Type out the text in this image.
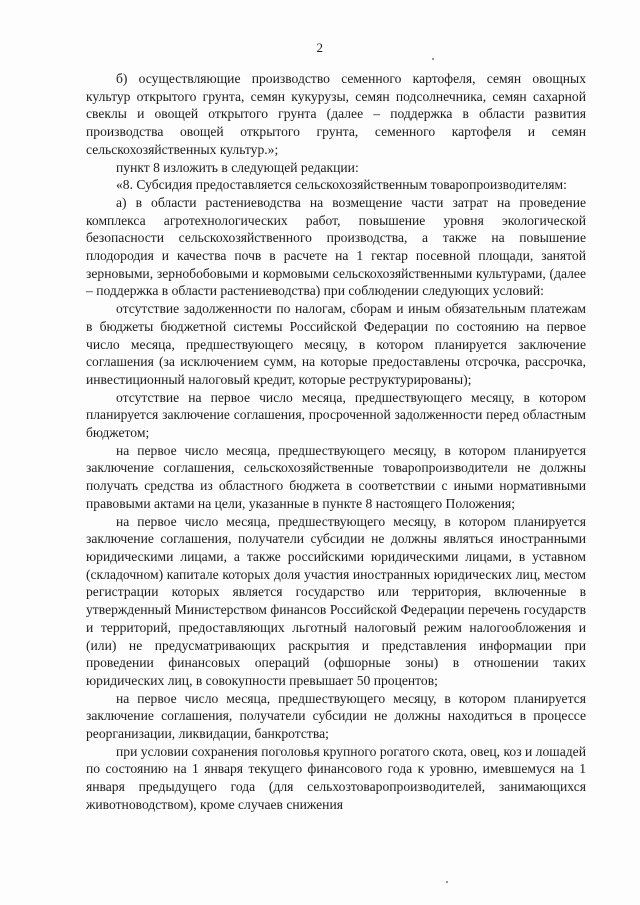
2

б) осуществляющие производство семенного картофеля, семян овощных культур открытого грунта, семян кукурузы, семян подсолнечника, семян сахарной свеклы и овощей открытого грунта (далее – поддержка в области развития производства овощей открытого грунта, семенного картофеля и семян сельскохозяйственных культур.»;

пункт 8 изложить в следующей редакции:

«8. Субсидия предоставляется сельскохозяйственным товаропроизводителям:

а) в области растениеводства на возмещение части затрат на проведение комплекса агротехнологических работ, повышение уровня экологической безопасности сельскохозяйственного производства, а также на повышение плодородия и качества почв в расчете на 1 гектар посевной площади, занятой зерновыми, зернобобовыми и кормовыми сельскохозяйственными культурами, (далее – поддержка в области растениеводства) при соблюдении следующих условий:

отсутствие задолженности по налогам, сборам и иным обязательным платежам в бюджеты бюджетной системы Российской Федерации по состоянию на первое число месяца, предшествующего месяцу, в котором планируется заключение соглашения (за исключением сумм, на которые предоставлены отсрочка, рассрочка, инвестиционный налоговый кредит, которые реструктурированы);

отсутствие на первое число месяца, предшествующего месяцу, в котором планируется заключение соглашения, просроченной задолженности перед областным бюджетом;

на первое число месяца, предшествующего месяцу, в котором планируется заключение соглашения, сельскохозяйственные товаропроизводители не должны получать средства из областного бюджета в соответствии с иными нормативными правовыми актами на цели, указанные в пункте 8 настоящего Положения;

на первое число месяца, предшествующего месяцу, в котором планируется заключение соглашения, получатели субсидии не должны являться иностранными юридическими лицами, а также российскими юридическими лицами, в уставном (складочном) капитале которых доля участия иностранных юридических лиц, местом регистрации которых является государство или территория, включенные в утвержденный Министерством финансов Российской Федерации перечень государств и территорий, предоставляющих льготный налоговый режим налогообложения и (или) не предусматривающих раскрытия и представления информации при проведении финансовых операций (офшорные зоны) в отношении таких юридических лиц, в совокупности превышает 50 процентов;

на первое число месяца, предшествующего месяцу, в котором планируется заключение соглашения, получатели субсидии не должны находиться в процессе реорганизации, ликвидации, банкротства;

при условии сохранения поголовья крупного рогатого скота, овец, коз и лошадей по состоянию на 1 января текущего финансового года к уровню, имевшемуся на 1 января предыдущего года (для сельхозтоваропроизводителей, занимающихся животноводством), кроме случаев снижения
